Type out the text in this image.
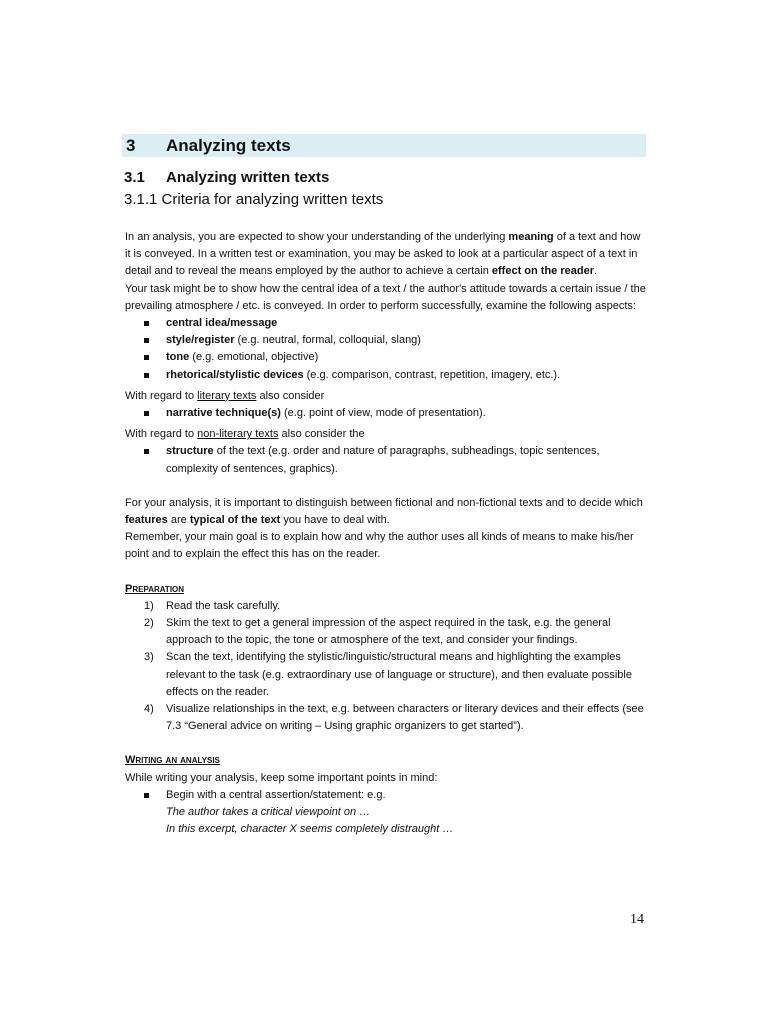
3	Analyzing texts
3.1	Analyzing written texts
3.1.1 Criteria for analyzing written texts

In an analysis, you are expected to show your understanding of the underlying meaning of a text and how it is conveyed. In a written test or examination, you may be asked to look at a particular aspect of a text in detail and to reveal the means employed by the author to achieve a certain effect on the reader.

Your task might be to show how the central idea of a text / the author's attitude towards a certain issue / the prevailing atmosphere / etc. is conveyed. In order to perform successfully, examine the following aspects:

central idea/message
style/register (e.g. neutral, formal, colloquial, slang)
tone (e.g. emotional, objective)
rhetorical/stylistic devices (e.g. comparison, contrast, repetition, imagery, etc.).

With regard to literary texts also consider

narrative technique(s) (e.g. point of view, mode of presentation).

With regard to non-literary texts also consider the

structure of the text (e.g. order and nature of paragraphs, subheadings, topic sentences, complexity of sentences, graphics).

For your analysis, it is important to distinguish between fictional and non-fictional texts and to decide which features are typical of the text you have to deal with.

Remember, your main goal is to explain how and why the author uses all kinds of means to make his/her point and to explain the effect this has on the reader.

Preparation

1) Read the task carefully.
2) Skim the text to get a general impression of the aspect required in the task, e.g. the general approach to the topic, the tone or atmosphere of the text, and consider your findings.
3) Scan the text, identifying the stylistic/linguistic/structural means and highlighting the examples relevant to the task (e.g. extraordinary use of language or structure), and then evaluate possible effects on the reader.
4) Visualize relationships in the text, e.g. between characters or literary devices and their effects (see 7.3 “General advice on writing – Using graphic organizers to get started”).

Writing an analysis

While writing your analysis, keep some important points in mind:

Begin with a central assertion/statement: e.g.

The author takes a critical viewpoint on …

In this excerpt, character X seems completely distraught …

14
